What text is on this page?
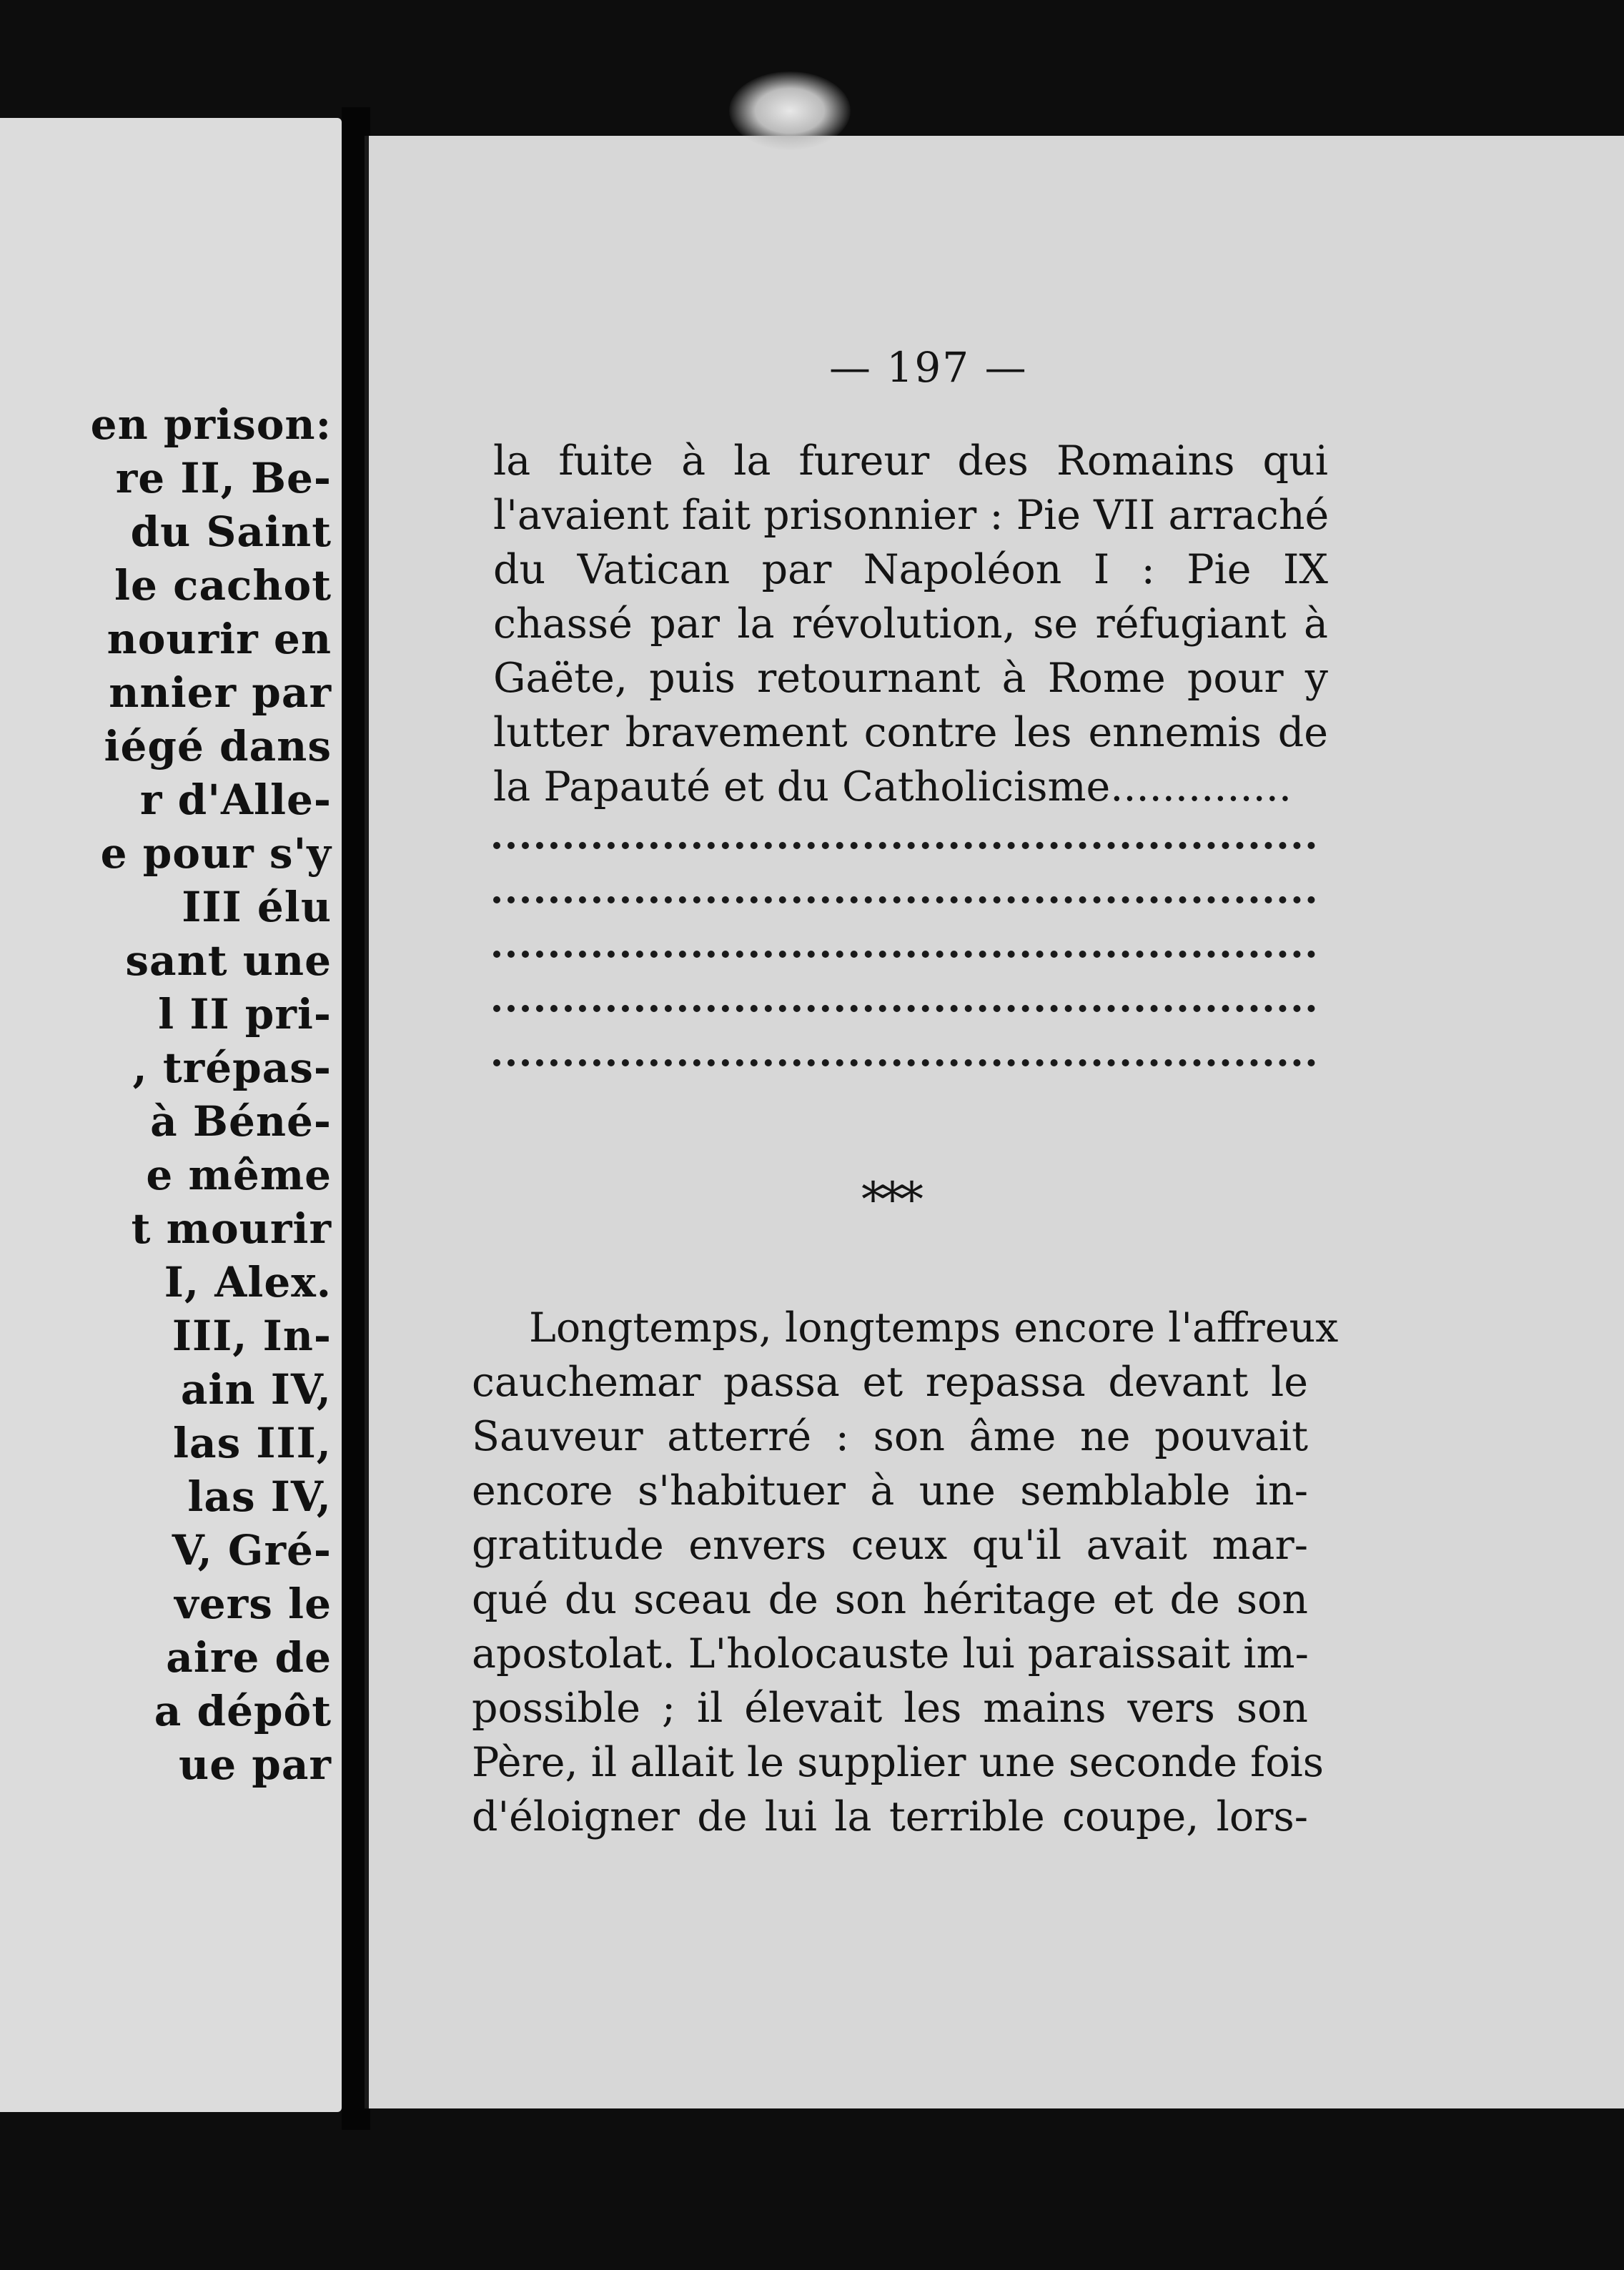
en prison:
re II, Be-
du Saint
le cachot
nourir en
nnier par
iégé dans
r d'Alle-
e pour s'y
III élu
sant une
l II pri-
, trépas-
à Béné-
e même
t mourir
I, Alex.
III, In-
ain IV,
las III,
las IV,
V, Gré-
vers le
aire de
a dépôt
ue par
— 197 —
la fuite à la fureur des Romains qui
l'avaient fait prisonnier : Pie VII arraché
du Vatican par Napoléon I : Pie IX
chassé par la révolution, se réfugiant à
Gaëte, puis retournant à Rome pour y
lutter bravement contre les ennemis de
la Papauté et du Catholicisme..............
***
Longtemps, longtemps encore l'affreux
cauchemar passa et repassa devant le
Sauveur atterré : son âme ne pouvait
encore s'habituer à une semblable in-
gratitude envers ceux qu'il avait mar-
qué du sceau de son héritage et de son
apostolat. L'holocauste lui paraissait im-
possible ; il élevait les mains vers son
Père, il allait le supplier une seconde fois
d'éloigner de lui la terrible coupe, lors-
